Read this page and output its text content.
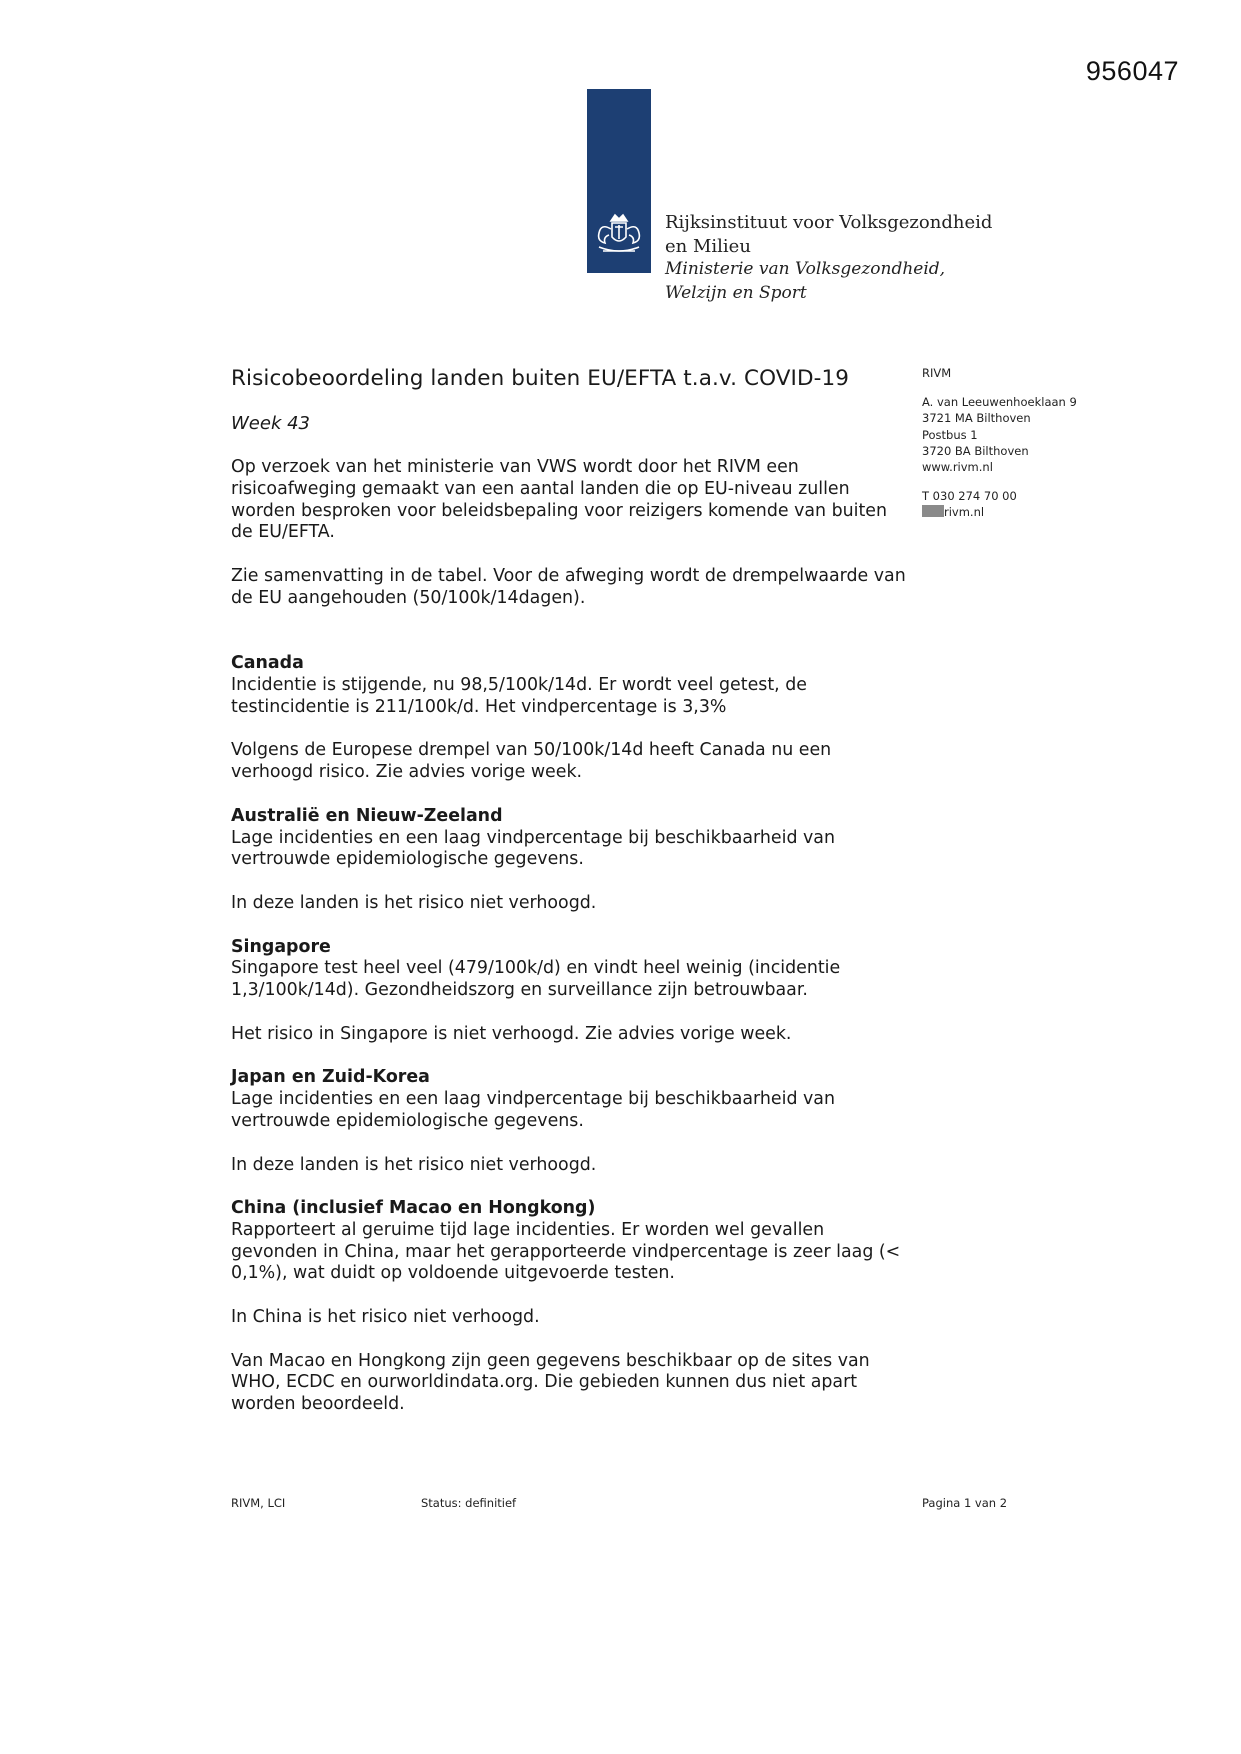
956047
Rijksinstituut voor Volksgezondheid
en Milieu
Ministerie van Volksgezondheid,
Welzijn en Sport
Risicobeoordeling landen buiten EU/EFTA t.a.v. COVID-19
Week 43

Op verzoek van het ministerie van VWS wordt door het RIVM een risicoafweging gemaakt van een aantal landen die op EU-niveau zullen worden besproken voor beleidsbepaling voor reizigers komende van buiten de EU/EFTA.

Zie samenvatting in de tabel. Voor de afweging wordt de drempelwaarde van de EU aangehouden (50/100k/14dagen).

Canada

Incidentie is stijgende, nu 98,5/100k/14d. Er wordt veel getest, de testincidentie is 211/100k/d. Het vindpercentage is 3,3%

Volgens de Europese drempel van 50/100k/14d heeft Canada nu een verhoogd risico. Zie advies vorige week.

Australië en Nieuw-Zeeland

Lage incidenties en een laag vindpercentage bij beschikbaarheid van vertrouwde epidemiologische gegevens.

In deze landen is het risico niet verhoogd.

Singapore

Singapore test heel veel (479/100k/d) en vindt heel weinig (incidentie 1,3/100k/14d). Gezondheidszorg en surveillance zijn betrouwbaar.

Het risico in Singapore is niet verhoogd. Zie advies vorige week.

Japan en Zuid-Korea

Lage incidenties en een laag vindpercentage bij beschikbaarheid van vertrouwde epidemiologische gegevens.

In deze landen is het risico niet verhoogd.

China (inclusief Macao en Hongkong)

Rapporteert al geruime tijd lage incidenties. Er worden wel gevallen gevonden in China, maar het gerapporteerde vindpercentage is zeer laag (< 0,1%), wat duidt op voldoende uitgevoerde testen.

In China is het risico niet verhoogd.

Van Macao en Hongkong zijn geen gegevens beschikbaar op de sites van WHO, ECDC en ourworldindata.org. Die gebieden kunnen dus niet apart worden beoordeeld.

RIVM
A. van Leeuwenhoeklaan 9
3721 MA Bilthoven
Postbus 1
3720 BA Bilthoven
www.rivm.nl
T 030 274 70 00
rivm.nl
RIVM, LCI	Status: definitief	Pagina 1 van 2
